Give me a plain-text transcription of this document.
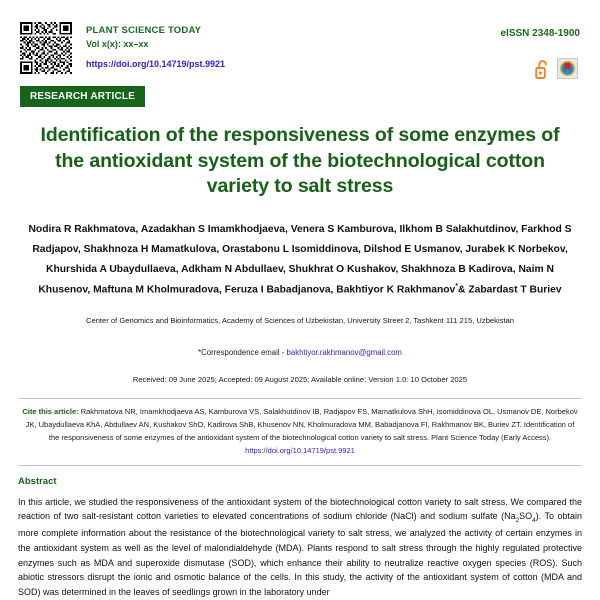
PLANT SCIENCE TODAY
Vol x(x): xx–xx
https://doi.org/10.14719/pst.9921
eISSN 2348-1900
RESEARCH ARTICLE
Identification of the responsiveness of some enzymes of the antioxidant system of the biotechnological cotton variety to salt stress
Nodira R Rakhmatova, Azadakhan S Imamkhodjaeva, Venera S Kamburova, Ilkhom B Salakhutdinov, Farkhod S Radjapov, Shakhnoza H Mamatkulova, Orastabonu L Isomiddinova, Dilshod E Usmanov, Jurabek K Norbekov, Khurshida A Ubaydullaeva, Adkham N Abdullaev, Shukhrat O Kushakov, Shakhnoza B Kadirova, Naim N Khusenov, Maftuna M Kholmuradova, Feruza I Babadjanova, Bakhtiyor K Rakhmanov*& Zabardast T Buriev
Center of Genomics and Bioinformatics, Academy of Sciences of Uzbekistan, University Street 2, Tashkent 111 215, Uzbekistan
*Correspondence email - bakhtiyor.rakhmanov@gmail.com
Received: 09 June 2025; Accepted: 09 August 2025; Available online: Version 1.0: 10 October 2025
Cite this article: Rakhmatova NR, Imamkhodjaeva AS, Kamburova VS, Salakhutdinov IB, Radjapov FS, Mamatkulova ShH, Isomiddinova OL, Usmanov DE, Norbekov JK, Ubaydullaeva KhA, Abdullaev AN, Kushakov ShO, Kadirova ShB, Khusenov NN, Kholmuradova MM, Babadjanova FI, Rakhmanov BK, Buriev ZT. Identification of the responsiveness of some enzymes of the antioxidant system of the biotechnological cotton variety to salt stress. Plant Science Today (Early Access). https://doi.org/10.14719/pst.9921
Abstract
In this article, we studied the responsiveness of the antioxidant system of the biotechnological cotton variety to salt stress. We compared the reaction of two salt-resistant cotton varieties to elevated concentrations of sodium chloride (NaCl) and sodium sulfate $(Na_2SO_4)$. To obtain more complete information about the resistance of the biotechnological variety to salt stress, we analyzed the activity of certain enzymes in the antioxidant system as well as the level of malondialdehyde (MDA). Plants respond to salt stress through the highly regulated protective enzymes such as MDA and superoxide dismutase (SOD), which enhance their ability to neutralize reactive oxygen species (ROS). Such abiotic stressors disrupt the ionic and osmotic balance of the cells. In this study, the activity of the antioxidant system of cotton (MDA and SOD) was determined in the leaves of seedlings grown in the laboratory under
